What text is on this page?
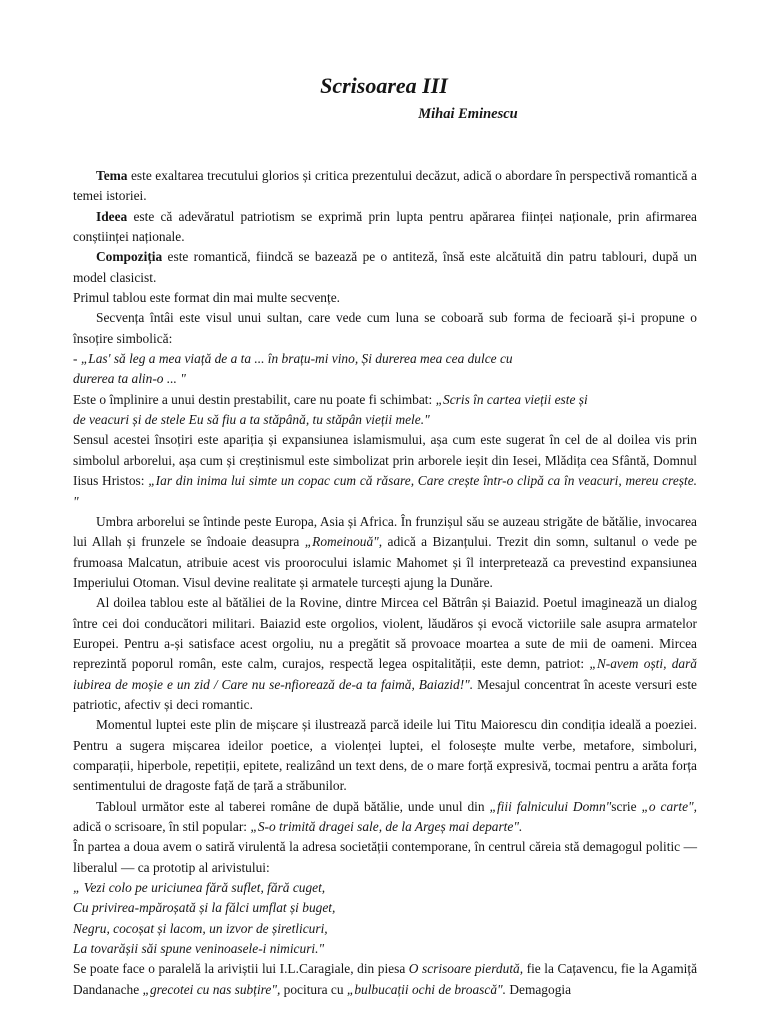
Scrisoarea III
Mihai Eminescu

Tema este exaltarea trecutului glorios și critica prezentului decăzut, adică o abordare în perspectivă romantică a temei istoriei.

Ideea este că adevăratul patriotism se exprimă prin lupta pentru apărarea ființei naționale, prin afirmarea conștiinței naționale.

Compoziția este romantică, fiindcă se bazează pe o antiteză, însă este alcătuită din patru tablouri, după un model clasicist.

Primul tablou este format din mai multe secvențe.

Secvența întâi este visul unui sultan, care vede cum luna se coboară sub forma de fecioară și-i propune o însoțire simbolică:

- „Las' să leg a mea viață de a ta ... în brațu-mi vino, Și durerea mea cea dulce cu
durerea ta alin-o ... "

Este o împlinire a unui destin prestabilit, care nu poate fi schimbat: „Scris în cartea vieții este și
de veacuri și de stele Eu să fiu a ta stăpână, tu stăpân vieții mele."

Sensul acestei însoțiri este apariția și expansiunea islamismului, așa cum este sugerat în cel de al doilea vis prin simbolul arborelui, așa cum și creștinismul este simbolizat prin arborele ieșit din Iesei, Mlădița cea Sfântă, Domnul Iisus Hristos: „Iar din inima lui simte un copac cum că răsare, Care crește într-o clipă ca în veacuri, mereu crește. "

Umbra arborelui se întinde peste Europa, Asia și Africa. În frunzișul său se auzeau strigăte de bătălie, invocarea lui Allah și frunzele se îndoaie deasupra „Romeinouă", adică a Bizanțului. Trezit din somn, sultanul o vede pe frumoasa Malcatun, atribuie acest vis proorocului islamic Mahomet și îl interpretează ca prevestind expansiunea Imperiului Otoman. Visul devine realitate și armatele turcești ajung la Dunăre.

Al doilea tablou este al bătăliei de la Rovine, dintre Mircea cel Bătrân și Baiazid. Poetul imaginează un dialog între cei doi conducători militari. Baiazid este orgolios, violent, lăudăros și evocă victoriile sale asupra armatelor Europei. Pentru a-și satisface acest orgoliu, nu a pregătit să provoace moartea a sute de mii de oameni. Mircea reprezintă poporul român, este calm, curajos, respectă legea ospitalității, este demn, patriot: „N-avem oști, dară iubirea de moșie e un zid / Care nu se-nfiorează de-a ta faimă, Baiazid!". Mesajul concentrat în aceste versuri este patriotic, afectiv și deci romantic.

Momentul luptei este plin de mișcare și ilustrează parcă ideile lui Titu Maiorescu din condiția ideală a poeziei. Pentru a sugera mișcarea ideilor poetice, a violenței luptei, el folosește multe verbe, metafore, simboluri, comparații, hiperbole, repetiții, epitete, realizând un text dens, de o mare forță expresivă, tocmai pentru a arăta forța sentimentului de dragoste față de țară a străbunilor.

Tabloul următor este al taberei române de după bătălie, unde unul din „fiii falnicului Domn"scrie „o carte", adică o scrisoare, în stil popular: „S-o trimită dragei sale, de la Argeș mai departe".

În partea a doua avem o satiră virulentă la adresa societății contemporane, în centrul căreia stă demagogul politic — liberalul — ca prototip al arivistului:

„ Vezi colo pe uriciunea fără suflet, fără cuget,

Cu privirea-mpăroșată și la fălci umflat și buget,

Negru, cocoșat și lacom, un izvor de șiretlicuri,

La tovarășii săi spune veninoasele-i nimicuri."

Se poate face o paralelă la ariviștii lui I.L.Caragiale, din piesa O scrisoare pierdută, fie la Cațavencu, fie la Agamiță Dandanache „grecotei cu nas subțire", pocitura cu „bulbucații ochi de broască". Demagogia
